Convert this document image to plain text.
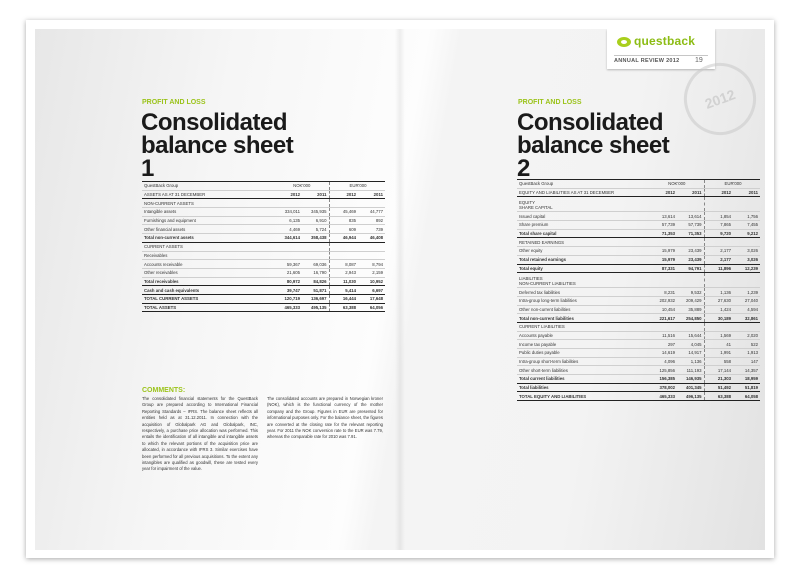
questback
ANNUAL REVIEW 2012 19
2012
PROFIT AND LOSS
Consolidated
balance sheet
1
QuestBack Group	NOK'000			EUR'000	
ASSETS AS AT 31 DECEMBER	2012	2011		2012	2011
NON-CURRENT ASSETS					
Intangible assets	334,011	345,935		45,469	44,777
Furnishings and equipment	6,135	6,910		835	892
Other financial assets	4,469	5,724		609	739
Total non-current assets	344,614	358,438		46,944	46,408
CURRENT ASSETS					
Receivables					
Accounts receivable	59,367	69,036		8,087	8,794
Other receivables	21,605	16,790		2,943	2,159
Total receivables	80,972	84,826		11,030	10,952
Cash and cash equivalents	39,747	51,871		5,414	6,697
TOTAL CURRENT ASSETS	120,719	136,697		16,444	17,648
TOTAL ASSETS	465,333	495,135		63,388	64,056
PROFIT AND LOSS
Consolidated
balance sheet
2
QuestBack Group	NOK'000			EUR'000	
EQUITY AND LIABILITIES AS AT 31 DECEMBER	2012	2011		2012	2011

EQUITY
SHARE CAPITAL					

Issued capital	13,614	13,614		1,854	1,756
Share premium	57,739	57,739		7,865	7,455
Total share capital	71,353	71,353		9,720	9,212
RETAINED EARNINGS					
Other equity	15,979	23,439		2,177	3,026
Total retained earnings	15,979	23,439		2,177	3,026
Total equity	87,331	94,791		11,896	12,239

LIABILITIES
NON-CURRENT LIABILITIES					

Deferred tax liabilities	8,231	9,532		1,136	1,239
Intra-group long-term liabilities	202,932	209,429		27,630	27,040
Other non-current liabilities	10,454	35,889		1,424	4,594
Total non-current liabilities	221,617	254,850		30,189	32,861
CURRENT LIABILITIES					
Accounts payable	11,516	15,644		1,569	2,020
Income tax payable	297	4,045		41	522
Public duties payable	14,619	14,917		1,991	1,913
Intra-group short-term liabilities	4,096	1,136		558	147
Other short-term liabilities	125,856	111,193		17,144	14,357
Total current liabilities	156,385	146,935		21,303	18,959
Total liabilities	378,002	401,345		51,492	51,819
TOTAL EQUITY AND LIABILITIES	465,333	496,135		63,388	64,058
COMMENTS:
The consolidated financial statements for the QuestBack Group are prepared according to International Financial Reporting Standards – IFRS. The balance sheet reflects all entities held as at 31.12.2011. In connection with the acquisition of Globalpark AG and Globalpark, INC, respectively, a purchase price allocation was performed. This entails the identification of all intangible and intangible assets to which the relevant portions of the acquisition price are allocated, in accordance with IFRS 3. Similar exercises have been performed for all previous acquisitions. To the extent any intangibles are qualified as goodwill, these are tested every year for impairment of the value.
The consolidated accounts are prepared in Norwegian kroner (NOK), which is the functional currency of the mother company and the Group. Figures in EUR are presented for informational purposes only. For the balance sheet, the figures are converted at the closing rate for the relevant reporting year. For 2011 the NOK conversion rate to the EUR was 7.79, whereas the comparable rate for 2010 was 7.91.
